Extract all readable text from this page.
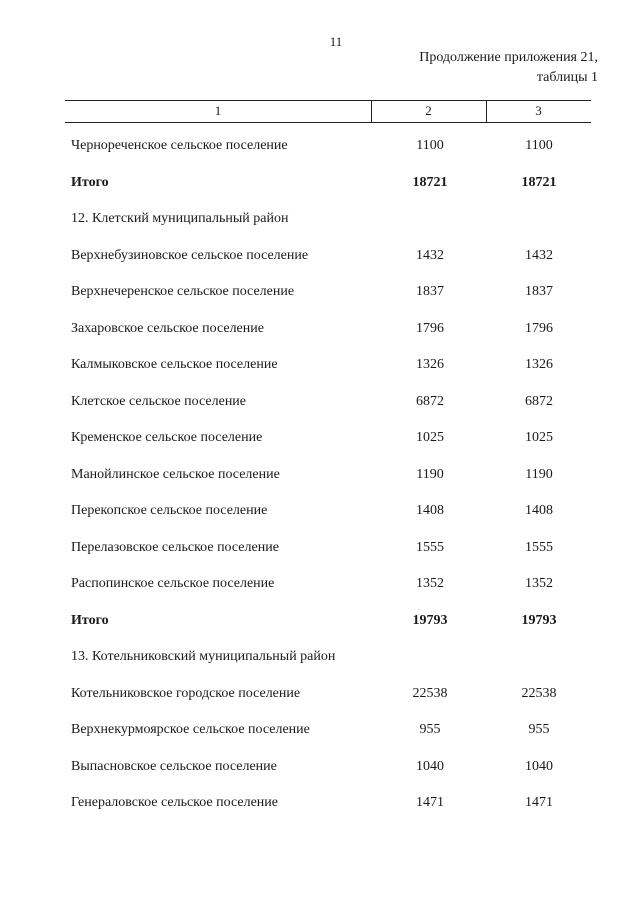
11
Продолжение приложения 21,
таблицы 1
1	2	3
Чернореченское сельское поселение	1100	1100
Итого	18721	18721
12. Клетский муниципальный район
Верхнебузиновское сельское поселение	1432	1432
Верхнечеренское сельское поселение	1837	1837
Захаровское сельское поселение	1796	1796
Калмыковское сельское поселение	1326	1326
Клетское сельское поселение	6872	6872
Кременское сельское поселение	1025	1025
Манойлинское сельское поселение	1190	1190
Перекопское сельское поселение	1408	1408
Перелазовское сельское поселение	1555	1555
Распопинское сельское поселение	1352	1352
Итого	19793	19793
13. Котельниковский муниципальный район
Котельниковское городское поселение	22538	22538
Верхнекурмоярское сельское поселение	955	955
Выпасновское сельское поселение	1040	1040
Генераловское сельское поселение	1471	1471
